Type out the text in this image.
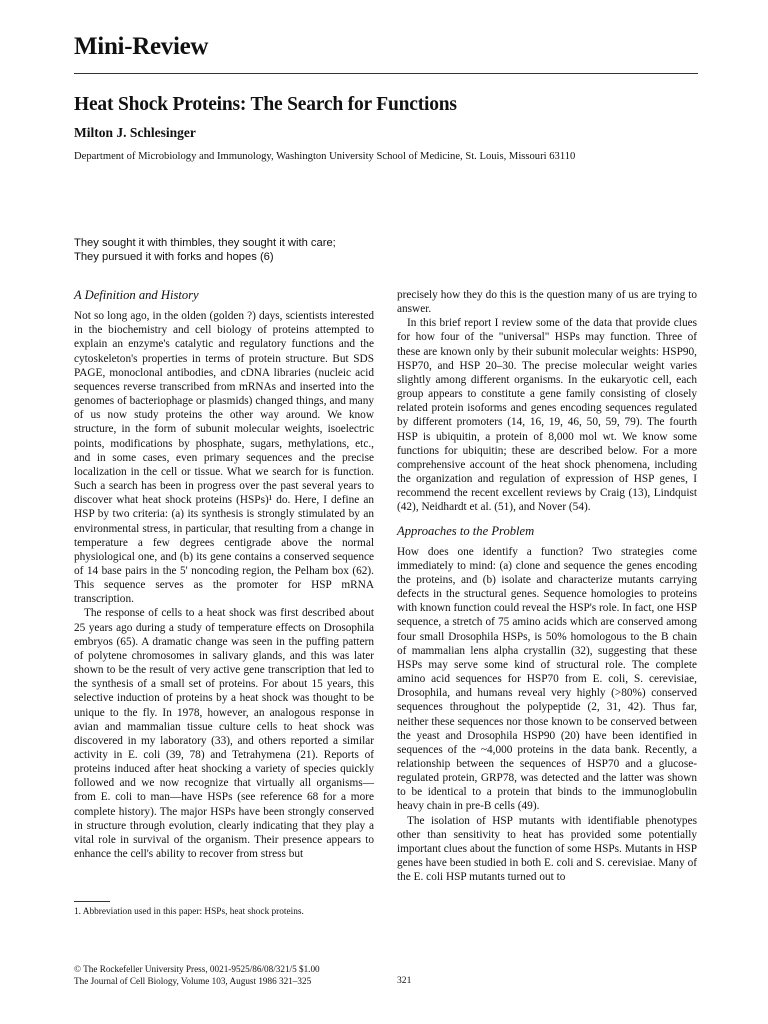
Mini-Review
Heat Shock Proteins: The Search for Functions
Milton J. Schlesinger
Department of Microbiology and Immunology, Washington University School of Medicine, St. Louis, Missouri 63110
They sought it with thimbles, they sought it with care;
They pursued it with forks and hopes (6)
A Definition and History

Not so long ago, in the olden (golden ?) days, scientists interested in the biochemistry and cell biology of proteins attempted to explain an enzyme's catalytic and regulatory functions and the cytoskeleton's properties in terms of protein structure. But SDS PAGE, monoclonal antibodies, and cDNA libraries (nucleic acid sequences reverse transcribed from mRNAs and inserted into the genomes of bacteriophage or plasmids) changed things, and many of us now study proteins the other way around. We know structure, in the form of subunit molecular weights, isoelectric points, modifications by phosphate, sugars, methylations, etc., and in some cases, even primary sequences and the precise localization in the cell or tissue. What we search for is function. Such a search has been in progress over the past several years to discover what heat shock proteins (HSPs)¹ do. Here, I define an HSP by two criteria: (a) its synthesis is strongly stimulated by an environmental stress, in particular, that resulting from a change in temperature a few degrees centigrade above the normal physiological one, and (b) its gene contains a conserved sequence of 14 base pairs in the 5' noncoding region, the Pelham box (62). This sequence serves as the promoter for HSP mRNA transcription.

The response of cells to a heat shock was first described about 25 years ago during a study of temperature effects on Drosophila embryos (65). A dramatic change was seen in the puffing pattern of polytene chromosomes in salivary glands, and this was later shown to be the result of very active gene transcription that led to the synthesis of a small set of proteins. For about 15 years, this selective induction of proteins by a heat shock was thought to be unique to the fly. In 1978, however, an analogous response in avian and mammalian tissue culture cells to heat shock was discovered in my laboratory (33), and others reported a similar activity in E. coli (39, 78) and Tetrahymena (21). Reports of proteins induced after heat shocking a variety of species quickly followed and we now recognize that virtually all organisms—from E. coli to man—have HSPs (see reference 68 for a more complete history). The major HSPs have been strongly conserved in structure through evolution, clearly indicating that they play a vital role in survival of the organism. Their presence appears to enhance the cell's ability to recover from stress but

precisely how they do this is the question many of us are trying to answer.

In this brief report I review some of the data that provide clues for how four of the "universal" HSPs may function. Three of these are known only by their subunit molecular weights: HSP90, HSP70, and HSP 20–30. The precise molecular weight varies slightly among different organisms. In the eukaryotic cell, each group appears to constitute a gene family consisting of closely related protein isoforms and genes encoding sequences regulated by different promoters (14, 16, 19, 46, 50, 59, 79). The fourth HSP is ubiquitin, a protein of 8,000 mol wt. We know some functions for ubiquitin; these are described below. For a more comprehensive account of the heat shock phenomena, including the organization and regulation of expression of HSP genes, I recommend the recent excellent reviews by Craig (13), Lindquist (42), Neidhardt et al. (51), and Nover (54).

Approaches to the Problem

How does one identify a function? Two strategies come immediately to mind: (a) clone and sequence the genes encoding the proteins, and (b) isolate and characterize mutants carrying defects in the structural genes. Sequence homologies to proteins with known function could reveal the HSP's role. In fact, one HSP sequence, a stretch of 75 amino acids which are conserved among four small Drosophila HSPs, is 50% homologous to the B chain of mammalian lens alpha crystallin (32), suggesting that these HSPs may serve some kind of structural role. The complete amino acid sequences for HSP70 from E. coli, S. cerevisiae, Drosophila, and humans reveal very highly (>80%) conserved sequences throughout the polypeptide (2, 31, 42). Thus far, neither these sequences nor those known to be conserved between the yeast and Drosophila HSP90 (20) have been identified in sequences of the ~4,000 proteins in the data bank. Recently, a relationship between the sequences of HSP70 and a glucose-regulated protein, GRP78, was detected and the latter was shown to be identical to a protein that binds to the immunoglobulin heavy chain in pre-B cells (49).

The isolation of HSP mutants with identifiable phenotypes other than sensitivity to heat has provided some potentially important clues about the function of some HSPs. Mutants in HSP genes have been studied in both E. coli and S. cerevisiae. Many of the E. coli HSP mutants turned out to

1. Abbreviation used in this paper: HSPs, heat shock proteins.
© The Rockefeller University Press, 0021-9525/86/08/321/5 $1.00
The Journal of Cell Biology, Volume 103, August 1986 321–325	321
